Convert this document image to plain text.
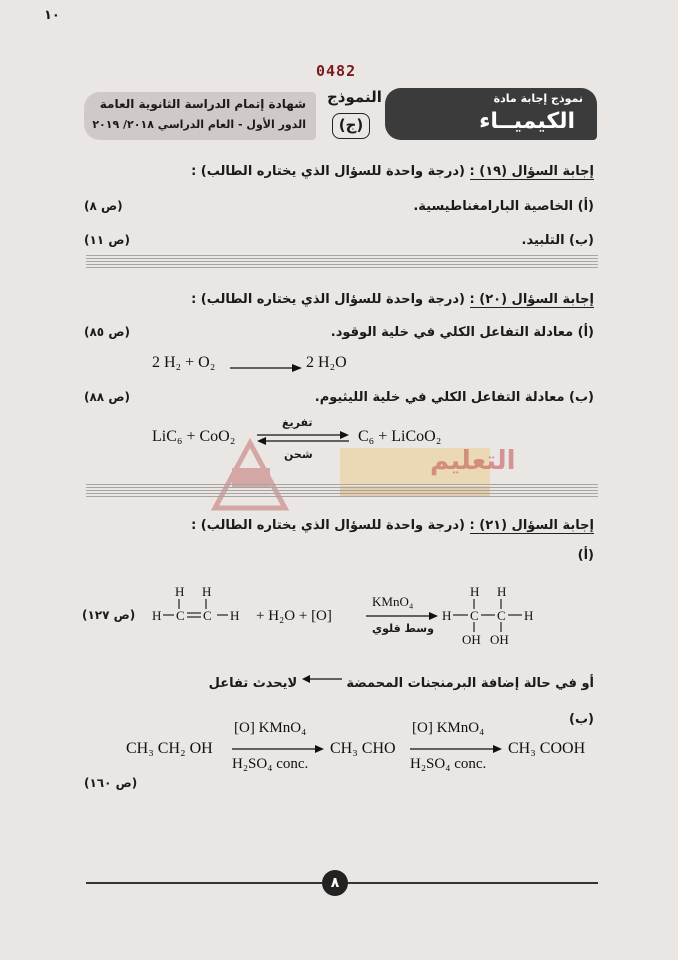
١٠
0482
نموذج إجابة مادة
الكيميــاء
النموذج
(ج)
شهادة إتمام الدراسة الثانوية العامة
الدور الأول - العام الدراسي ٢٠١٨/ ٢٠١٩
إجابة السؤال (١٩) : (درجة واحدة للسؤال الذي يختاره الطالب) :
(أ) الخاصية البارامغناطيسية.
(ص ٨)
(ب) التلبيد.
(ص ١١)
إجابة السؤال (٢٠) : (درجة واحدة للسؤال الذي يختاره الطالب) :
(أ) معادلة التفاعل الكلي في خلية الوقود.
(ص ٨٥)
2 H₂ + O₂	2 H₂O
(ب) معادلة التفاعل الكلي في خلية الليثيوم.
(ص ٨٨)
LiC₆ + CoO₂
تفريغ
شحن
C₆ + LiCoO₂
التعليم
إجابة السؤال (٢١) : (درجة واحدة للسؤال الذي يختاره الطالب) :
(أ)
(ص ١٢٧)
H H
H C C H + H₂O + [O]
KMnO₄
وسط قلوي
H H
H C C H
OH OH
أو في حالة إضافة البرمنجنات المحمضة  لايحدث تفاعل
(ب)
CH₃ CH₂ OH
[O] KMnO₄
H₂SO₄ conc.
CH₃ CHO
[O] KMnO₄
H₂SO₄ conc.
CH₃ COOH
(ص ١٦٠)
٨
